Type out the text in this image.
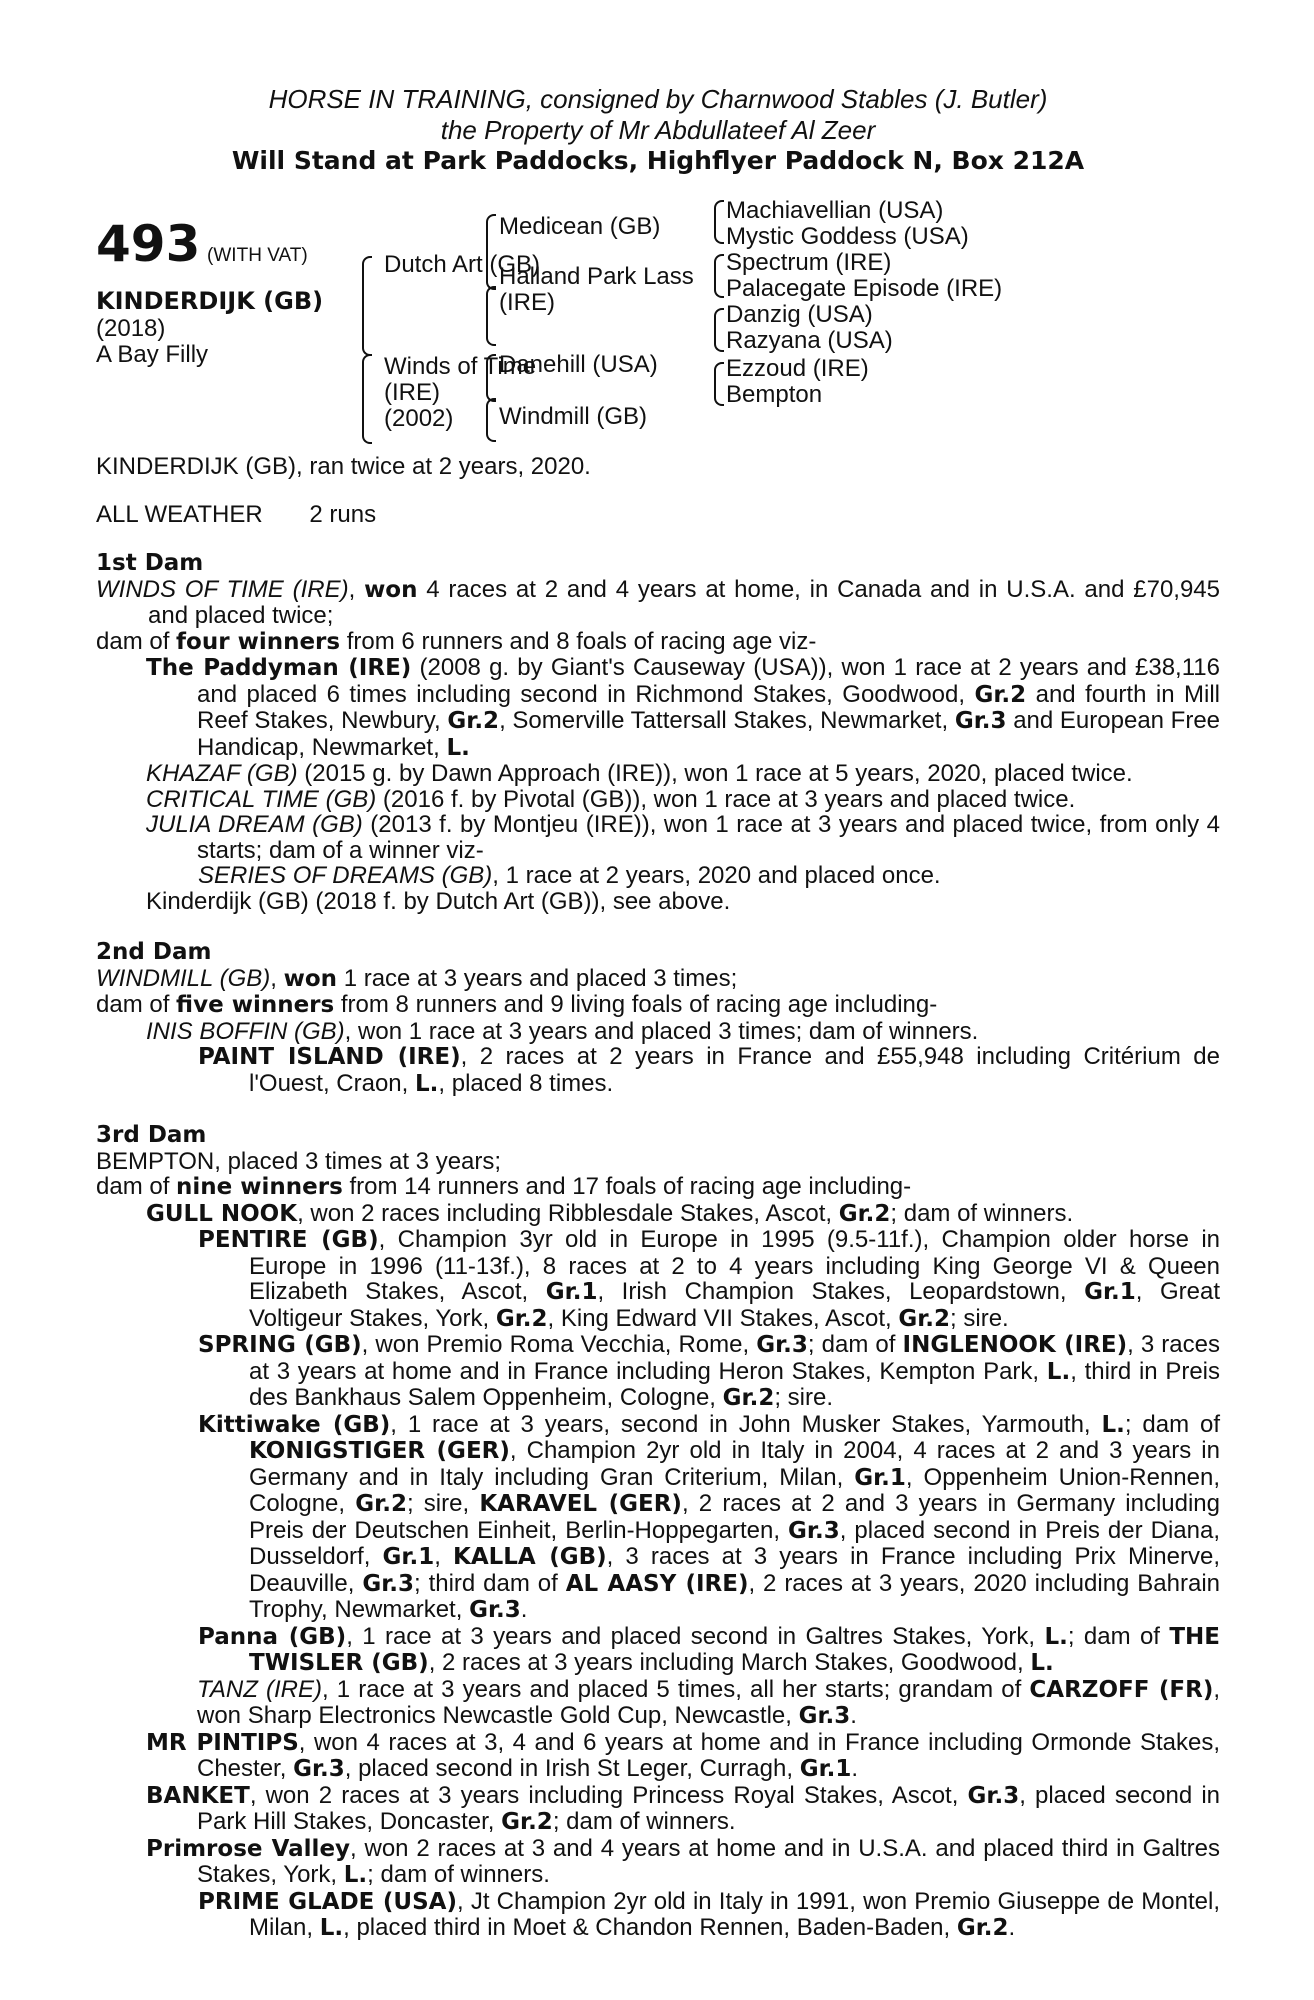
HORSE IN TRAINING, consigned by Charnwood Stables (J. Butler)
the Property of Mr Abdullateef Al Zeer
Will Stand at Park Paddocks, Highflyer Paddock N, Box 212A
493 (WITH VAT)
KINDERDIJK (GB)
(2018)
A Bay Filly
Dutch Art (GB)
Winds of Time
(IRE)
(2002)
Medicean (GB)
Halland Park Lass
(IRE)
Danehill (USA)
Windmill (GB)
Machiavellian (USA)
Mystic Goddess (USA)
Spectrum (IRE)
Palacegate Episode (IRE)
Danzig (USA)
Razyana (USA)
Ezzoud (IRE)
Bempton

KINDERDIJK (GB), ran twice at 2 years, 2020.

ALL WEATHER 2 runs

1st Dam

WINDS OF TIME (IRE), won 4 races at 2 and 4 years at home, in Canada and in U.S.A. and £70,945 and placed twice;

dam of four winners from 6 runners and 8 foals of racing age viz-

The Paddyman (IRE) (2008 g. by Giant's Causeway (USA)), won 1 race at 2 years and £38,116 and placed 6 times including second in Richmond Stakes, Goodwood, Gr.2 and fourth in Mill Reef Stakes, Newbury, Gr.2, Somerville Tattersall Stakes, Newmarket, Gr.3 and European Free Handicap, Newmarket, L.

KHAZAF (GB) (2015 g. by Dawn Approach (IRE)), won 1 race at 5 years, 2020, placed twice.

CRITICAL TIME (GB) (2016 f. by Pivotal (GB)), won 1 race at 3 years and placed twice.

JULIA DREAM (GB) (2013 f. by Montjeu (IRE)), won 1 race at 3 years and placed twice, from only 4 starts; dam of a winner viz-

SERIES OF DREAMS (GB), 1 race at 2 years, 2020 and placed once.

Kinderdijk (GB) (2018 f. by Dutch Art (GB)), see above.

2nd Dam

WINDMILL (GB), won 1 race at 3 years and placed 3 times;

dam of five winners from 8 runners and 9 living foals of racing age including-

INIS BOFFIN (GB), won 1 race at 3 years and placed 3 times; dam of winners.

PAINT ISLAND (IRE), 2 races at 2 years in France and £55,948 including Critérium de l'Ouest, Craon, L., placed 8 times.

3rd Dam

BEMPTON, placed 3 times at 3 years;

dam of nine winners from 14 runners and 17 foals of racing age including-

GULL NOOK, won 2 races including Ribblesdale Stakes, Ascot, Gr.2; dam of winners.

PENTIRE (GB), Champion 3yr old in Europe in 1995 (9.5-11f.), Champion older horse in Europe in 1996 (11-13f.), 8 races at 2 to 4 years including King George VI & Queen Elizabeth Stakes, Ascot, Gr.1, Irish Champion Stakes, Leopardstown, Gr.1, Great Voltigeur Stakes, York, Gr.2, King Edward VII Stakes, Ascot, Gr.2; sire.

SPRING (GB), won Premio Roma Vecchia, Rome, Gr.3; dam of INGLENOOK (IRE), 3 races at 3 years at home and in France including Heron Stakes, Kempton Park, L., third in Preis des Bankhaus Salem Oppenheim, Cologne, Gr.2; sire.

Kittiwake (GB), 1 race at 3 years, second in John Musker Stakes, Yarmouth, L.; dam of KONIGSTIGER (GER), Champion 2yr old in Italy in 2004, 4 races at 2 and 3 years in Germany and in Italy including Gran Criterium, Milan, Gr.1, Oppenheim Union-Rennen, Cologne, Gr.2; sire, KARAVEL (GER), 2 races at 2 and 3 years in Germany including Preis der Deutschen Einheit, Berlin-Hoppegarten, Gr.3, placed second in Preis der Diana, Dusseldorf, Gr.1, KALLA (GB), 3 races at 3 years in France including Prix Minerve, Deauville, Gr.3; third dam of AL AASY (IRE), 2 races at 3 years, 2020 including Bahrain Trophy, Newmarket, Gr.3.

Panna (GB), 1 race at 3 years and placed second in Galtres Stakes, York, L.; dam of THE TWISLER (GB), 2 races at 3 years including March Stakes, Goodwood, L.

TANZ (IRE), 1 race at 3 years and placed 5 times, all her starts; grandam of CARZOFF (FR), won Sharp Electronics Newcastle Gold Cup, Newcastle, Gr.3.

MR PINTIPS, won 4 races at 3, 4 and 6 years at home and in France including Ormonde Stakes, Chester, Gr.3, placed second in Irish St Leger, Curragh, Gr.1.

BANKET, won 2 races at 3 years including Princess Royal Stakes, Ascot, Gr.3, placed second in Park Hill Stakes, Doncaster, Gr.2; dam of winners.

Primrose Valley, won 2 races at 3 and 4 years at home and in U.S.A. and placed third in Galtres Stakes, York, L.; dam of winners.

PRIME GLADE (USA), Jt Champion 2yr old in Italy in 1991, won Premio Giuseppe de Montel, Milan, L., placed third in Moet & Chandon Rennen, Baden-Baden, Gr.2.
